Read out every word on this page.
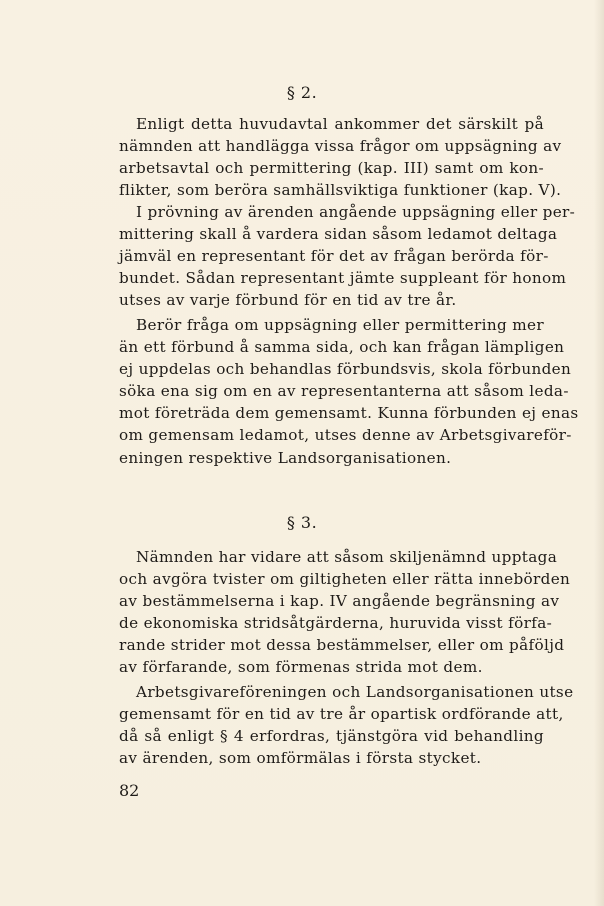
§ 2.

Enligt detta huvudavtal ankommer det särskilt på
nämnden att handlägga vissa frågor om uppsägning av
arbetsavtal och permittering (kap. III) samt om kon-
flikter, som beröra samhällsviktiga funktioner (kap. V).

I prövning av ärenden angående uppsägning eller per-
mittering skall å vardera sidan såsom ledamot deltaga
jämväl en representant för det av frågan berörda för-
bundet. Sådan representant jämte suppleant för honom
utses av varje förbund för en tid av tre år.

Berör fråga om uppsägning eller permittering mer
än ett förbund å samma sida, och kan frågan lämpligen
ej uppdelas och behandlas förbundsvis, skola förbunden
söka ena sig om en av representanterna att såsom leda-
mot företräda dem gemensamt. Kunna förbunden ej enas
om gemensam ledamot, utses denne av Arbetsgivareför-
eningen respektive Landsorganisationen.

§ 3.

Nämnden har vidare att såsom skiljenämnd upptaga
och avgöra tvister om giltigheten eller rätta innebörden
av bestämmelserna i kap. IV angående begränsning av
de ekonomiska stridsåtgärderna, huruvida visst förfa-
rande strider mot dessa bestämmelser, eller om påföljd
av förfarande, som förmenas strida mot dem.

Arbetsgivareföreningen och Landsorganisationen utse
gemensamt för en tid av tre år opartisk ordförande att,
då så enligt § 4 erfordras, tjänstgöra vid behandling
av ärenden, som omförmälas i första stycket.

82
